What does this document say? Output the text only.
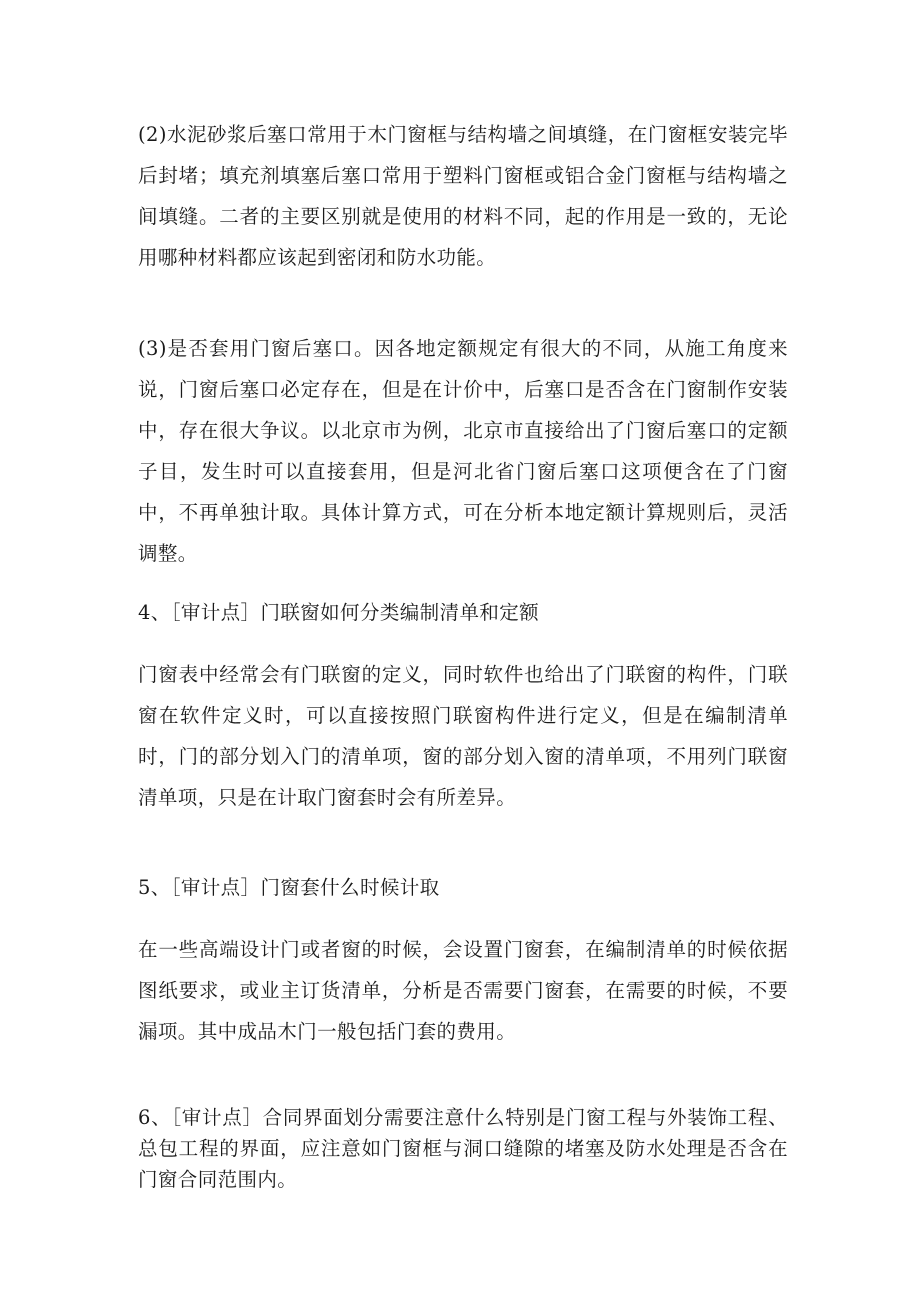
(2)水泥砂浆后塞口常用于木门窗框与结构墙之间填缝，在门窗框安装完毕后封堵；填充剂填塞后塞口常用于塑料门窗框或铝合金门窗框与结构墙之间填缝。二者的主要区别就是使用的材料不同，起的作用是一致的，无论用哪种材料都应该起到密闭和防水功能。

(3)是否套用门窗后塞口。因各地定额规定有很大的不同，从施工角度来说，门窗后塞口必定存在，但是在计价中，后塞口是否含在门窗制作安装中，存在很大争议。以北京市为例，北京市直接给出了门窗后塞口的定额子目，发生时可以直接套用，但是河北省门窗后塞口这项便含在了门窗中，不再单独计取。具体计算方式，可在分析本地定额计算规则后，灵活调整。

4、［审计点］门联窗如何分类编制清单和定额

门窗表中经常会有门联窗的定义，同时软件也给出了门联窗的构件，门联窗在软件定义时，可以直接按照门联窗构件进行定义，但是在编制清单时，门的部分划入门的清单项，窗的部分划入窗的清单项，不用列门联窗清单项，只是在计取门窗套时会有所差异。

5、［审计点］门窗套什么时候计取

在一些高端设计门或者窗的时候，会设置门窗套，在编制清单的时候依据图纸要求，或业主订货清单，分析是否需要门窗套，在需要的时候，不要漏项。其中成品木门一般包括门套的费用。

6、［审计点］合同界面划分需要注意什么特别是门窗工程与外装饰工程、总包工程的界面，应注意如门窗框与洞口缝隙的堵塞及防水处理是否含在门窗合同范围内。
